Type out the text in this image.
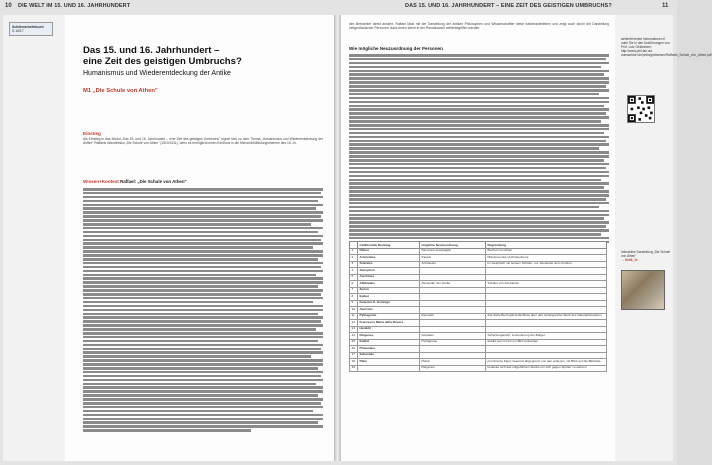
10 DIE WELT IM 15. UND 16. JAHRHUNDERT	DAS 15. UND 16. JAHRHUNDERT – EINE ZEIT DES GEISTIGEN UMBRUCHS?	11
Schülerarbeitsbuch
S.16/17
Das 15. und 16. Jahrhundert –
eine Zeit des geistigen Umbruchs?
Humanismus und Wiederentdeckung der Antike
M1 „Die Schule von Athen"
Einstieg
Als Einstieg in das Modul „Das 15. und 16. Jahrhundert – eine Zeit des geistigen Umbruchs" eignet sich zu dem Thema „Humanismus und Wiederentdeckung der Antike" Raffaels Wandfresko „Die Schule von Athen" (1510/1511), denn es ermöglicht einen Eindruck in die Menschbildbildungsthemen des 16. Jh.
Wissen+Kontext Raffael: „Die Schule von Athen"
weiterführende Informationen fi nden Sie in den Ausführungen von Prof. Lutz Geldsetzer: http://www.phil-fak.uni-duesseldorf.de/philo/geldsetzer/Raffaels_Schule_von_Athen.pdf
Interaktive Darstellung „Die Schule von Athen"
→ 6xh8_1e
den Betrachter direkt ansieht. Raffael lässt mit der Darstellung der antiken Philosophen und Wissenschaftler diese wiederauferleben und zeigt auch durch die Darstellung zeitgenössischer Personen, dass deren Ideen in der Renaissance weiterbegriffen werden.
Wie mögliche Neuzuordnung der Personen
	traditionelle Deutung	mögliche Neuzuordnung	Begründung
1	Platon	Dionysios Areopagita	Bischof von Athen
2	Aristoteles	Paulus	Missionar des Urchristentums
3	Sokrates	Aristoteles	im Gespräch mit seinem Schüler, u.a. Alexander dem Großen
4	Xenophon		
5	Aischines		
6	Alkibiades	Alexander der Große	Schüler von Aristoteles
7	Zenon		
8	Epikur		
9	Federico II. Gonzaga		
10	Averroës		
11	Pythagoras	Demokrit	das dicke Buch gibt Aufschluss über das umfangreiche Werk des Naturphilosophen
12	Francesco Maria della Rovere		
13	Heraklit		
14	Diogenes	Sokrates	Scherbengericht; Inszenierung der Bürger
15	Euklid	Pythagoras	Euklid war mit ihm im Bild verbunden
16	Ptolemäus		
17	Sebastian		
18	Plato	Platon	prominente Figur; bewusst abgegrenzt von den anderen; mit Blick auf die Bildmitte
19		Diogenes	bedecke sich das mitgeführten Stocks um sich gegen Spötter zu wehren
